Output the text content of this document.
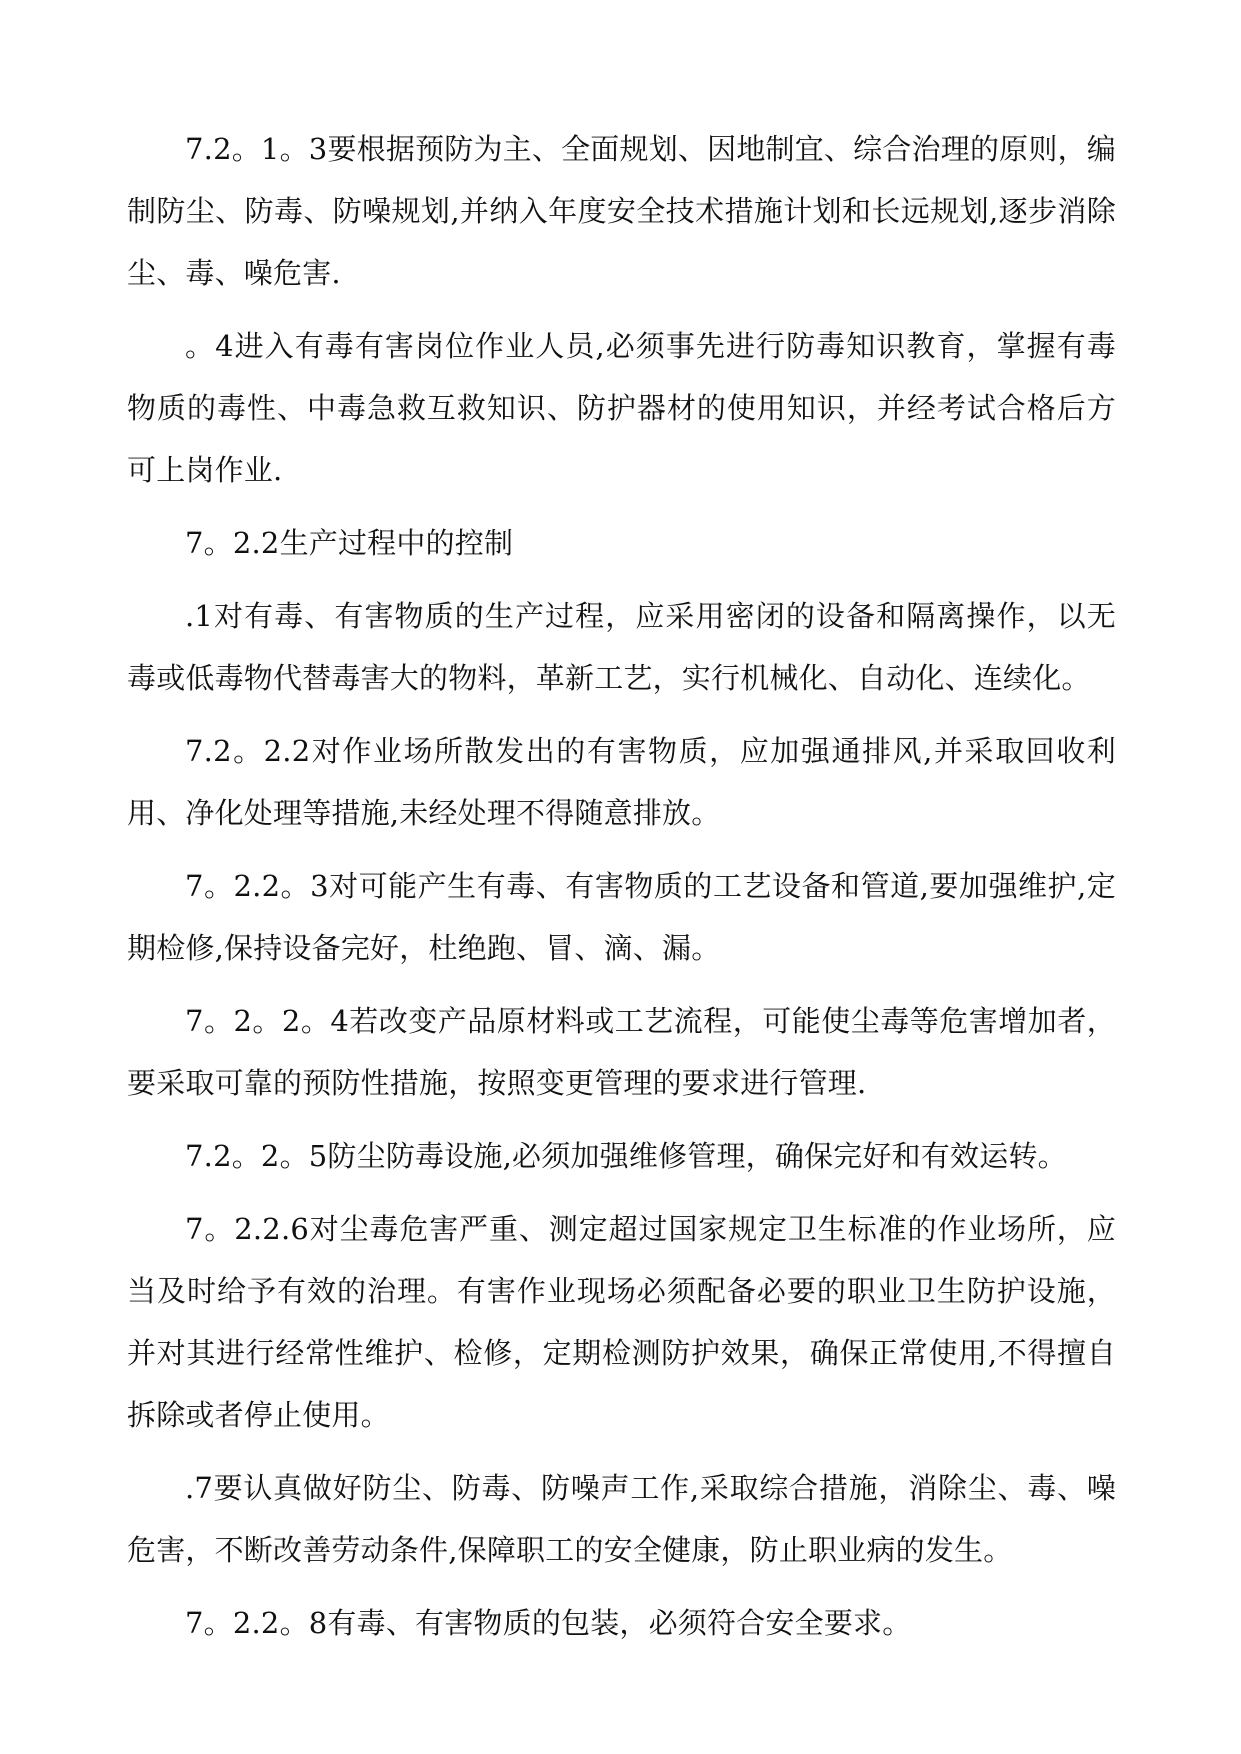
7.2。1。3要根据预防为主、全面规划、因地制宜、综合治理的原则，编制防尘、防毒、防噪规划,并纳入年度安全技术措施计划和长远规划,逐步消除尘、毒、噪危害.

。4进入有毒有害岗位作业人员,必须事先进行防毒知识教育，掌握有毒物质的毒性、中毒急救互救知识、防护器材的使用知识，并经考试合格后方可上岗作业.

7。2.2生产过程中的控制

.1对有毒、有害物质的生产过程，应采用密闭的设备和隔离操作，以无毒或低毒物代替毒害大的物料，革新工艺，实行机械化、自动化、连续化。

7.2。2.2对作业场所散发出的有害物质，应加强通排风,并采取回收利用、净化处理等措施,未经处理不得随意排放。

7。2.2。3对可能产生有毒、有害物质的工艺设备和管道,要加强维护,定期检修,保持设备完好，杜绝跑、冒、滴、漏。

7。2。2。4若改变产品原材料或工艺流程，可能使尘毒等危害增加者，要采取可靠的预防性措施，按照变更管理的要求进行管理.

7.2。2。5防尘防毒设施,必须加强维修管理，确保完好和有效运转。

7。2.2.6对尘毒危害严重、测定超过国家规定卫生标准的作业场所，应当及时给予有效的治理。有害作业现场必须配备必要的职业卫生防护设施，并对其进行经常性维护、检修，定期检测防护效果，确保正常使用,不得擅自拆除或者停止使用。

.7要认真做好防尘、防毒、防噪声工作,采取综合措施，消除尘、毒、噪危害，不断改善劳动条件,保障职工的安全健康，防止职业病的发生。

7。2.2。8有毒、有害物质的包装，必须符合安全要求。
